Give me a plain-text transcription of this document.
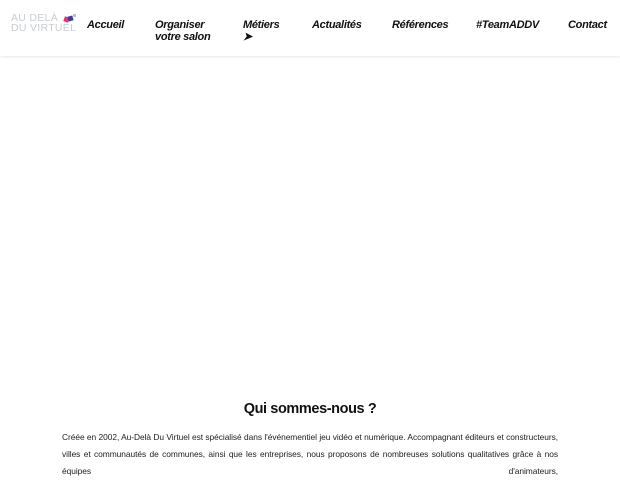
AU DELÀ
DU VIRTUEL Accueil	Organiser
votre salon
Métiers
➤
Actualités	Références	#TeamADDV	Contact
Qui sommes-nous ?

Créée en 2002, Au-Delà Du Virtuel est spécialisé dans l'événementiel jeu vidéo et numérique. Accompagnant éditeurs et constructeurs, villes et communautés de communes, ainsi que les entreprises, nous proposons de nombreuses solutions qualitatives grâce à nos équipes d'animateurs,
